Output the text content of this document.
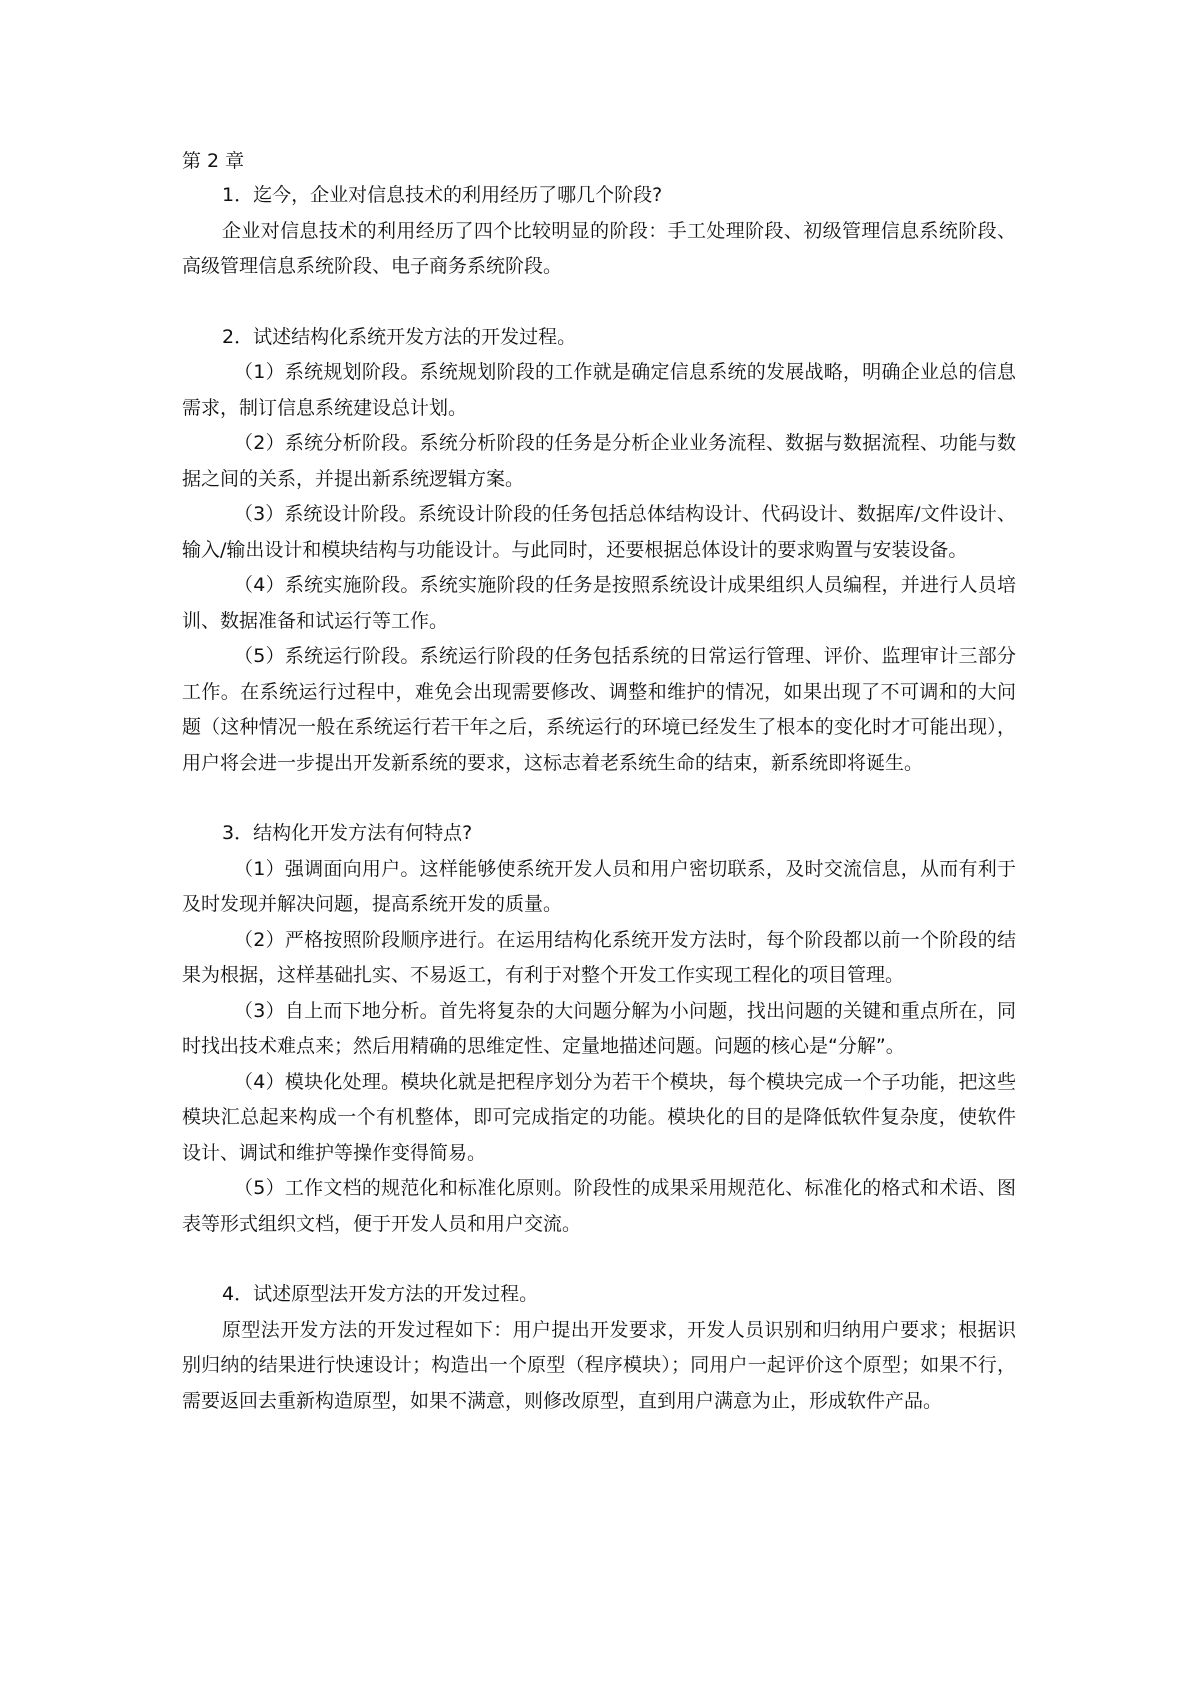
第 2 章

1．迄今，企业对信息技术的利用经历了哪几个阶段?

企业对信息技术的利用经历了四个比较明显的阶段：手工处理阶段、初级管理信息系统阶段、高级管理信息系统阶段、电子商务系统阶段。

2．试述结构化系统开发方法的开发过程。

（1）系统规划阶段。系统规划阶段的工作就是确定信息系统的发展战略，明确企业总的信息需求，制订信息系统建设总计划。

（2）系统分析阶段。系统分析阶段的任务是分析企业业务流程、数据与数据流程、功能与数据之间的关系，并提出新系统逻辑方案。

（3）系统设计阶段。系统设计阶段的任务包括总体结构设计、代码设计、数据库/文件设计、输入/输出设计和模块结构与功能设计。与此同时，还要根据总体设计的要求购置与安装设备。

（4）系统实施阶段。系统实施阶段的任务是按照系统设计成果组织人员编程，并进行人员培训、数据准备和试运行等工作。

（5）系统运行阶段。系统运行阶段的任务包括系统的日常运行管理、评价、监理审计三部分工作。在系统运行过程中，难免会出现需要修改、调整和维护的情况，如果出现了不可调和的大问题（这种情况一般在系统运行若干年之后，系统运行的环境已经发生了根本的变化时才可能出现），用户将会进一步提出开发新系统的要求，这标志着老系统生命的结束，新系统即将诞生。

3．结构化开发方法有何特点?

（1）强调面向用户。这样能够使系统开发人员和用户密切联系，及时交流信息，从而有利于及时发现并解决问题，提高系统开发的质量。

（2）严格按照阶段顺序进行。在运用结构化系统开发方法时，每个阶段都以前一个阶段的结果为根据，这样基础扎实、不易返工，有利于对整个开发工作实现工程化的项目管理。

（3）自上而下地分析。首先将复杂的大问题分解为小问题，找出问题的关键和重点所在，同时找出技术难点来；然后用精确的思维定性、定量地描述问题。问题的核心是“分解”。

（4）模块化处理。模块化就是把程序划分为若干个模块，每个模块完成一个子功能，把这些模块汇总起来构成一个有机整体，即可完成指定的功能。模块化的目的是降低软件复杂度，使软件设计、调试和维护等操作变得简易。

（5）工作文档的规范化和标准化原则。阶段性的成果采用规范化、标准化的格式和术语、图表等形式组织文档，便于开发人员和用户交流。

4．试述原型法开发方法的开发过程。

原型法开发方法的开发过程如下：用户提出开发要求，开发人员识别和归纳用户要求；根据识别归纳的结果进行快速设计；构造出一个原型（程序模块）；同用户一起评价这个原型；如果不行，需要返回去重新构造原型，如果不满意，则修改原型，直到用户满意为止，形成软件产品。
